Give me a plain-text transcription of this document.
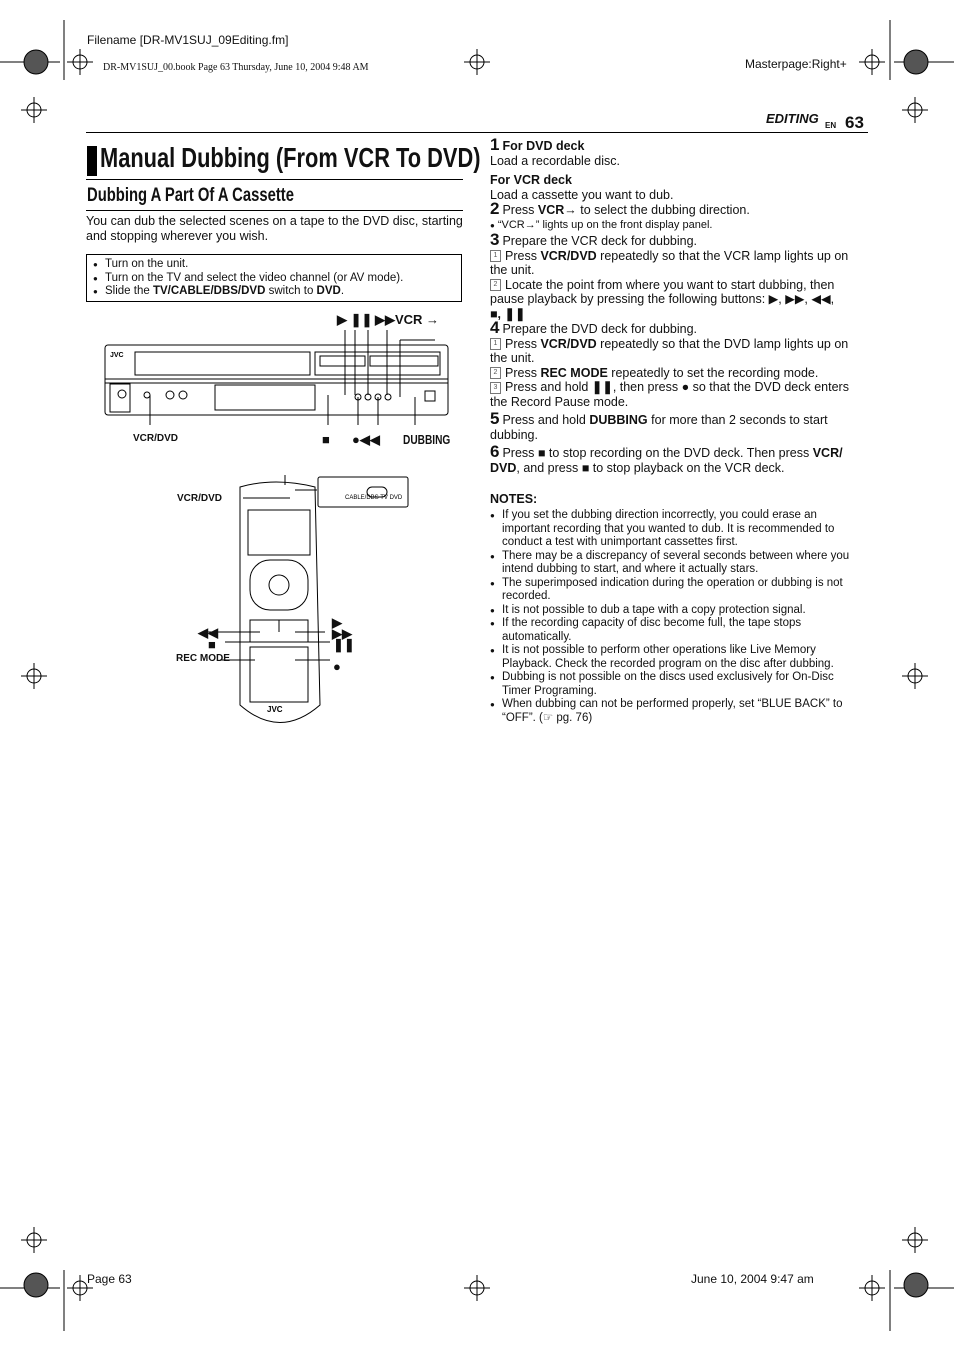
Filename [DR-MV1SUJ_09Editing.fm]
DR-MV1SUJ_00.book Page 63 Thursday, June 10, 2004 9:48 AM	Masterpage:Right+
EDITING EN 63
Manual Dubbing (From VCR To DVD)
Dubbing A Part Of A Cassette
You can dub the selected scenes on a tape to the DVD disc, starting and stopping wherever you wish.
● Turn on the unit.
● Turn on the TV and select the video channel (or AV mode).
● Slide the TV/CABLE/DBS/DVD switch to DVD.
▶ ❚❚ ▶▶VCR →
JVC
VCR/DVD	■ ●◀◀ DUBBING
VCR/DVD	CABLE/DBS TV DVD
JVC
◀◀
■
REC MODE
▶
▶▶
❚❚
●

1 For DVD deck

Load a recordable disc.

For VCR deck

Load a cassette you want to dub.

2 Press VCR→ to select the dubbing direction.

● “VCR→” lights up on the front display panel.

3 Prepare the VCR deck for dubbing.

1 Press VCR/DVD repeatedly so that the VCR lamp lights up on the unit.

2 Locate the point from where you want to start dubbing, then pause playback by pressing the following buttons: ▶, ▶▶, ◀◀,

■, ❚❚

4 Prepare the DVD deck for dubbing.

1 Press VCR/DVD repeatedly so that the DVD lamp lights up on the unit.

2 Press REC MODE repeatedly to set the recording mode.

3 Press and hold ❚❚, then press ● so that the DVD deck enters the Record Pause mode.

5 Press and hold DUBBING for more than 2 seconds to start dubbing.

6 Press ■ to stop recording on the DVD deck. Then press VCR/ DVD, and press ■ to stop playback on the VCR deck.

NOTES:
● If you set the dubbing direction incorrectly, you could erase an important recording that you wanted to dub. It is recommended to conduct a test with unimportant cassettes first.
● There may be a discrepancy of several seconds between where you intend dubbing to start, and where it actually stars.
● The superimposed indication during the operation or dubbing is not recorded.
● It is not possible to dub a tape with a copy protection signal.
● If the recording capacity of disc become full, the tape stops automatically.
● It is not possible to perform other operations like Live Memory Playback. Check the recorded program on the disc after dubbing.
● Dubbing is not possible on the discs used exclusively for On-Disc Timer Programing.
● When dubbing can not be performed properly, set “BLUE BACK” to “OFF”. (☞ pg. 76)
Page 63	June 10, 2004 9:47 am
